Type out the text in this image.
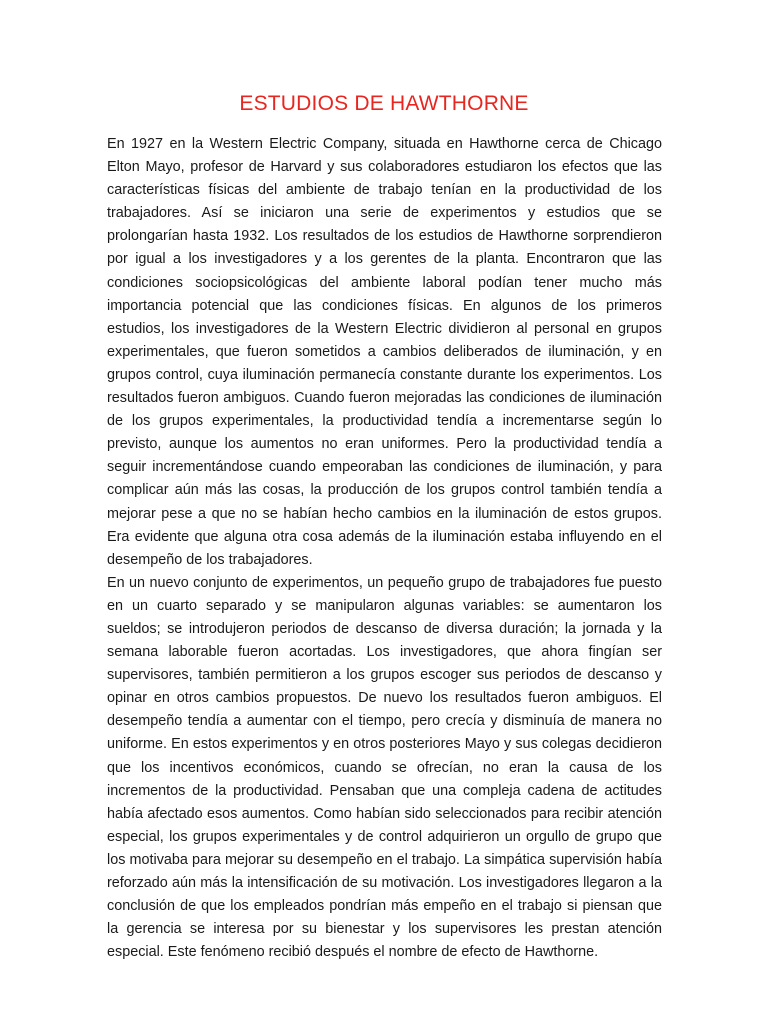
ESTUDIOS DE HAWTHORNE

En 1927 en la Western Electric Company, situada en Hawthorne cerca de Chicago Elton Mayo, profesor de Harvard y sus colaboradores estudiaron los efectos que las características físicas del ambiente de trabajo tenían en la productividad de los trabajadores. Así se iniciaron una serie de experimentos y estudios que se prolongarían hasta 1932. Los resultados de los estudios de Hawthorne sorprendieron por igual a los investigadores y a los gerentes de la planta. Encontraron que las condiciones sociopsicológicas del ambiente laboral podían tener mucho más importancia potencial que las condiciones físicas. En algunos de los primeros estudios, los investigadores de la Western Electric dividieron al personal en grupos experimentales, que fueron sometidos a cambios deliberados de iluminación, y en grupos control, cuya iluminación permanecía constante durante los experimentos. Los resultados fueron ambiguos. Cuando fueron mejoradas las condiciones de iluminación de los grupos experimentales, la productividad tendía a incrementarse según lo previsto, aunque los aumentos no eran uniformes. Pero la productividad tendía a seguir incrementándose cuando empeoraban las condiciones de iluminación, y para complicar aún más las cosas, la producción de los grupos control también tendía a mejorar pese a que no se habían hecho cambios en la iluminación de estos grupos. Era evidente que alguna otra cosa además de la iluminación estaba influyendo en el desempeño de los trabajadores.

En un nuevo conjunto de experimentos, un pequeño grupo de trabajadores fue puesto en un cuarto separado y se manipularon algunas variables: se aumentaron los sueldos; se introdujeron periodos de descanso de diversa duración; la jornada y la semana laborable fueron acortadas. Los investigadores, que ahora fingían ser supervisores, también permitieron a los grupos escoger sus periodos de descanso y opinar en otros cambios propuestos. De nuevo los resultados fueron ambiguos. El desempeño tendía a aumentar con el tiempo, pero crecía y disminuía de manera no uniforme. En estos experimentos y en otros posteriores Mayo y sus colegas decidieron que los incentivos económicos, cuando se ofrecían, no eran la causa de los incrementos de la productividad. Pensaban que una compleja cadena de actitudes había afectado esos aumentos. Como habían sido seleccionados para recibir atención especial, los grupos experimentales y de control adquirieron un orgullo de grupo que los motivaba para mejorar su desempeño en el trabajo. La simpática supervisión había reforzado aún más la intensificación de su motivación. Los investigadores llegaron a la conclusión de que los empleados pondrían más empeño en el trabajo si piensan que la gerencia se interesa por su bienestar y los supervisores les prestan atención especial. Este fenómeno recibió después el nombre de efecto de Hawthorne.
